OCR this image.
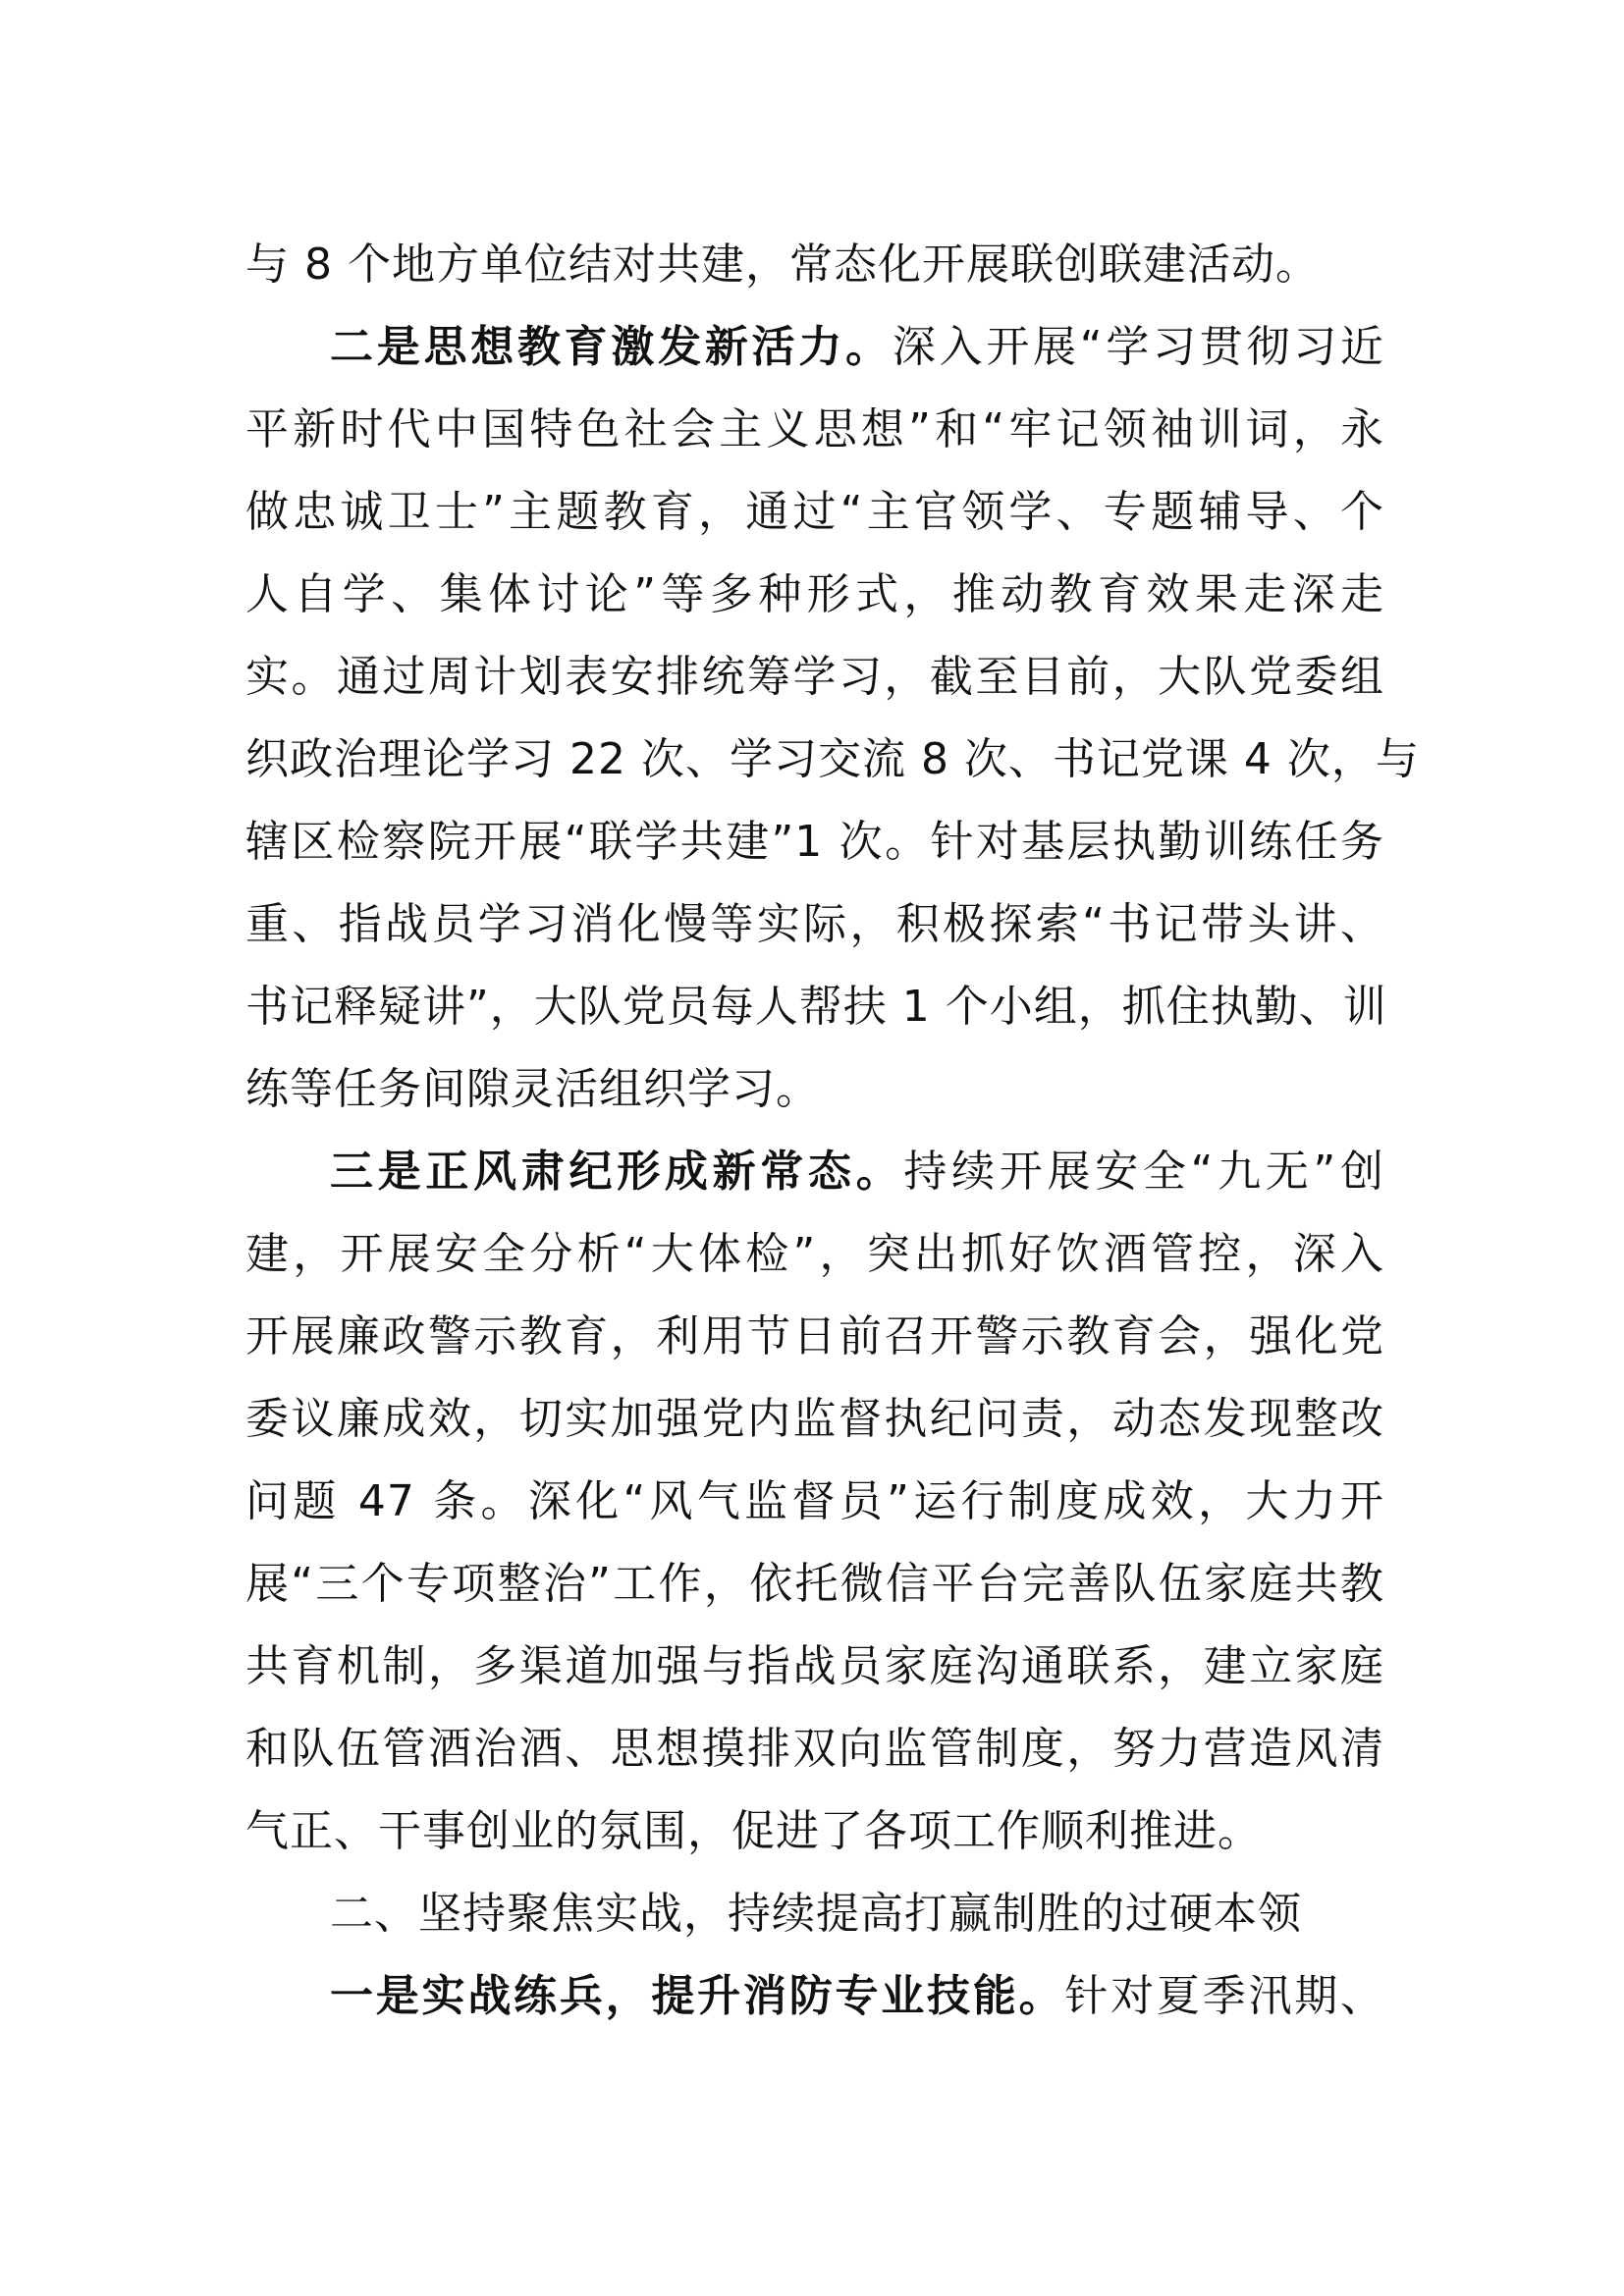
与 8 个地方单位结对共建，常态化开展联创联建活动。
二是思想教育激发新活力。深入开展“学习贯彻习近
平新时代中国特色社会主义思想”和“牢记领袖训词，永
做忠诚卫士”主题教育，通过“主官领学、专题辅导、个
人自学、集体讨论”等多种形式，推动教育效果走深走
实。通过周计划表安排统筹学习，截至目前，大队党委组
织政治理论学习 22 次、学习交流 8 次、书记党课 4 次，与
辖区检察院开展“联学共建”1 次。针对基层执勤训练任务
重、指战员学习消化慢等实际，积极探索“书记带头讲、
书记释疑讲”，大队党员每人帮扶 1 个小组，抓住执勤、训
练等任务间隙灵活组织学习。
三是正风肃纪形成新常态。持续开展安全“九无”创
建，开展安全分析“大体检”，突出抓好饮酒管控，深入
开展廉政警示教育，利用节日前召开警示教育会，强化党
委议廉成效，切实加强党内监督执纪问责，动态发现整改
问题 47 条。深化“风气监督员”运行制度成效，大力开
展“三个专项整治”工作，依托微信平台完善队伍家庭共教
共育机制，多渠道加强与指战员家庭沟通联系，建立家庭
和队伍管酒治酒、思想摸排双向监管制度，努力营造风清
气正、干事创业的氛围，促进了各项工作顺利推进。
二、坚持聚焦实战，持续提高打赢制胜的过硬本领
一是实战练兵，提升消防专业技能。针对夏季汛期、
